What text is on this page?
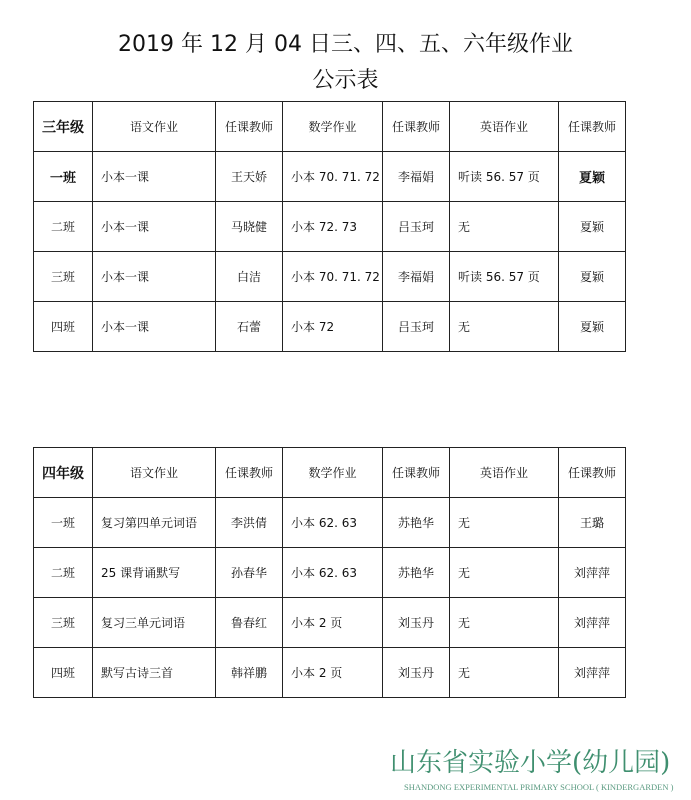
2019 年 12 月 04 日三、四、五、六年级作业
公示表
三年级	语文作业	任课教师	数学作业	任课教师	英语作业	任课教师
一班	小本一课	王天娇	小本 70. 71. 72	李福娟	听读 56. 57 页	夏颖
二班	小本一课	马晓健	小本 72. 73	吕玉珂	无	夏颖
三班	小本一课	白洁	小本 70. 71. 72	李福娟	听读 56. 57 页	夏颖
四班	小本一课	石蕾	小本 72	吕玉珂	无	夏颖
四年级	语文作业	任课教师	数学作业	任课教师	英语作业	任课教师
一班	复习第四单元词语	李洪倩	小本 62. 63	苏艳华	无	王璐
二班	25 课背诵默写	孙春华	小本 62. 63	苏艳华	无	刘萍萍
三班	复习三单元词语	鲁春红	小本 2 页	刘玉丹	无	刘萍萍
四班	默写古诗三首	韩祥鹏	小本 2 页	刘玉丹	无	刘萍萍
山东省实验小学(幼儿园)
SHANDONG EXPERIMENTAL PRIMARY SCHOOL ( KINDERGARDEN )
